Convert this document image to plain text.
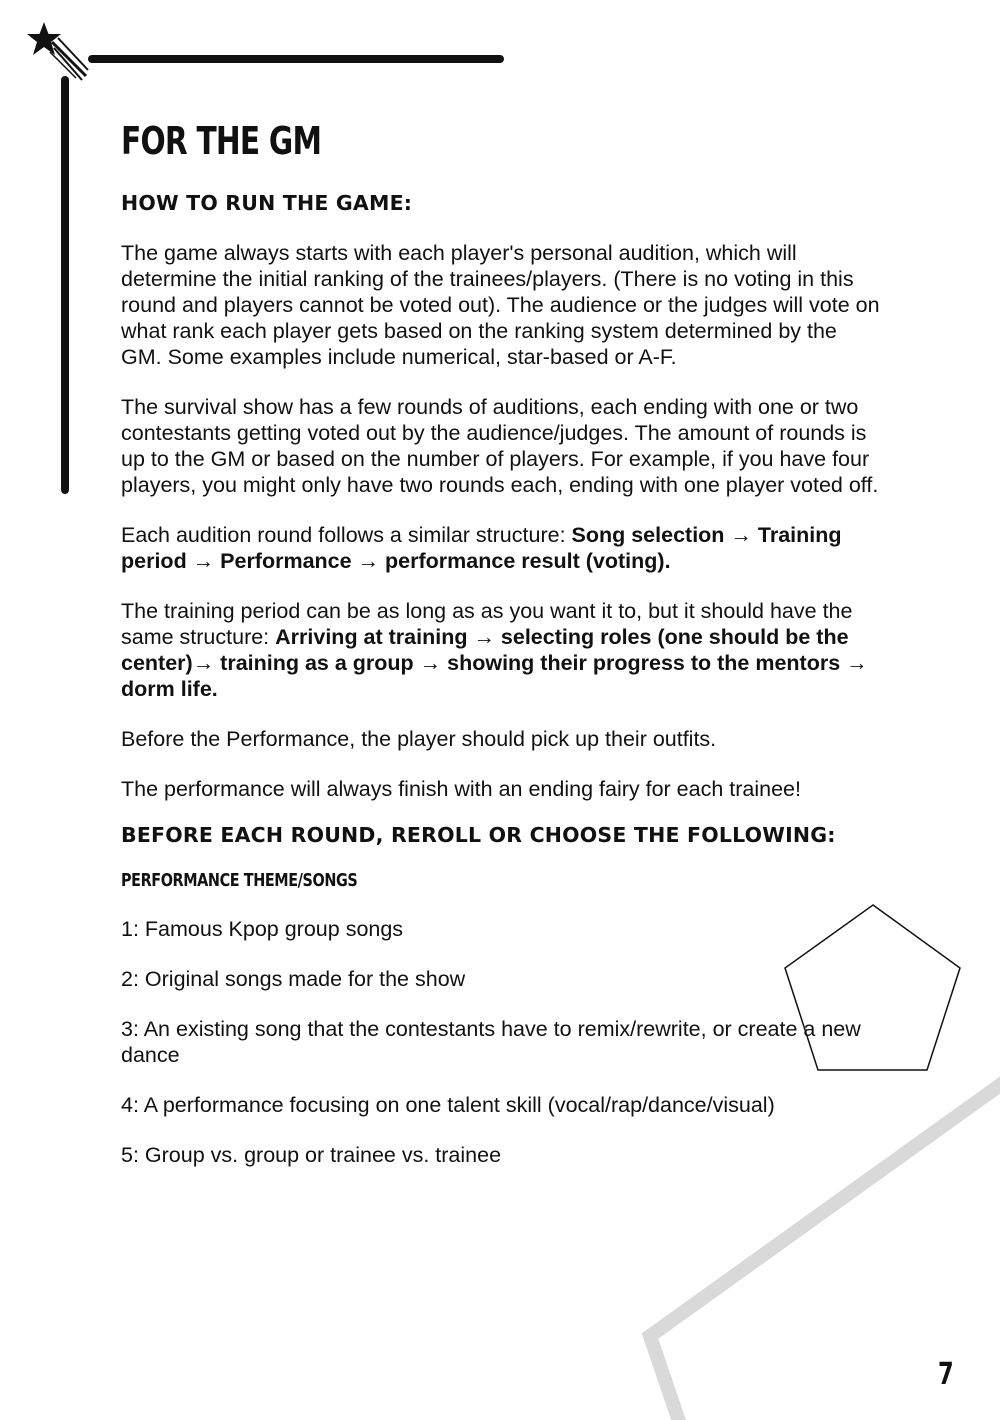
FOR THE GM
HOW TO RUN THE GAME:

The game always starts with each player's personal audition, which will determine the initial ranking of the trainees/players. (There is no voting in this round and players cannot be voted out). The audience or the judges will vote on what rank each player gets based on the ranking system determined by the GM. Some examples include numerical, star-based or A-F.

The survival show has a few rounds of auditions, each ending with one or two contestants getting voted out by the audience/judges. The amount of rounds is up to the GM or based on the number of players. For example, if you have four players, you might only have two rounds each, ending with one player voted off.

Each audition round follows a similar structure: Song selection → Training period → Performance → performance result (voting).

The training period can be as long as as you want it to, but it should have the same structure: Arriving at training → selecting roles (one should be the center)→ training as a group → showing their progress to the mentors → dorm life.

Before the Performance, the player should pick up their outfits.

The performance will always finish with an ending fairy for each trainee!

BEFORE EACH ROUND, REROLL OR CHOOSE THE FOLLOWING:
PERFORMANCE THEME/SONGS
1: Famous Kpop group songs
2: Original songs made for the show
3: An existing song that the contestants have to remix/rewrite, or create a new dance
4: A performance focusing on one talent skill (vocal/rap/dance/visual)
5: Group vs. group or trainee vs. trainee
7
